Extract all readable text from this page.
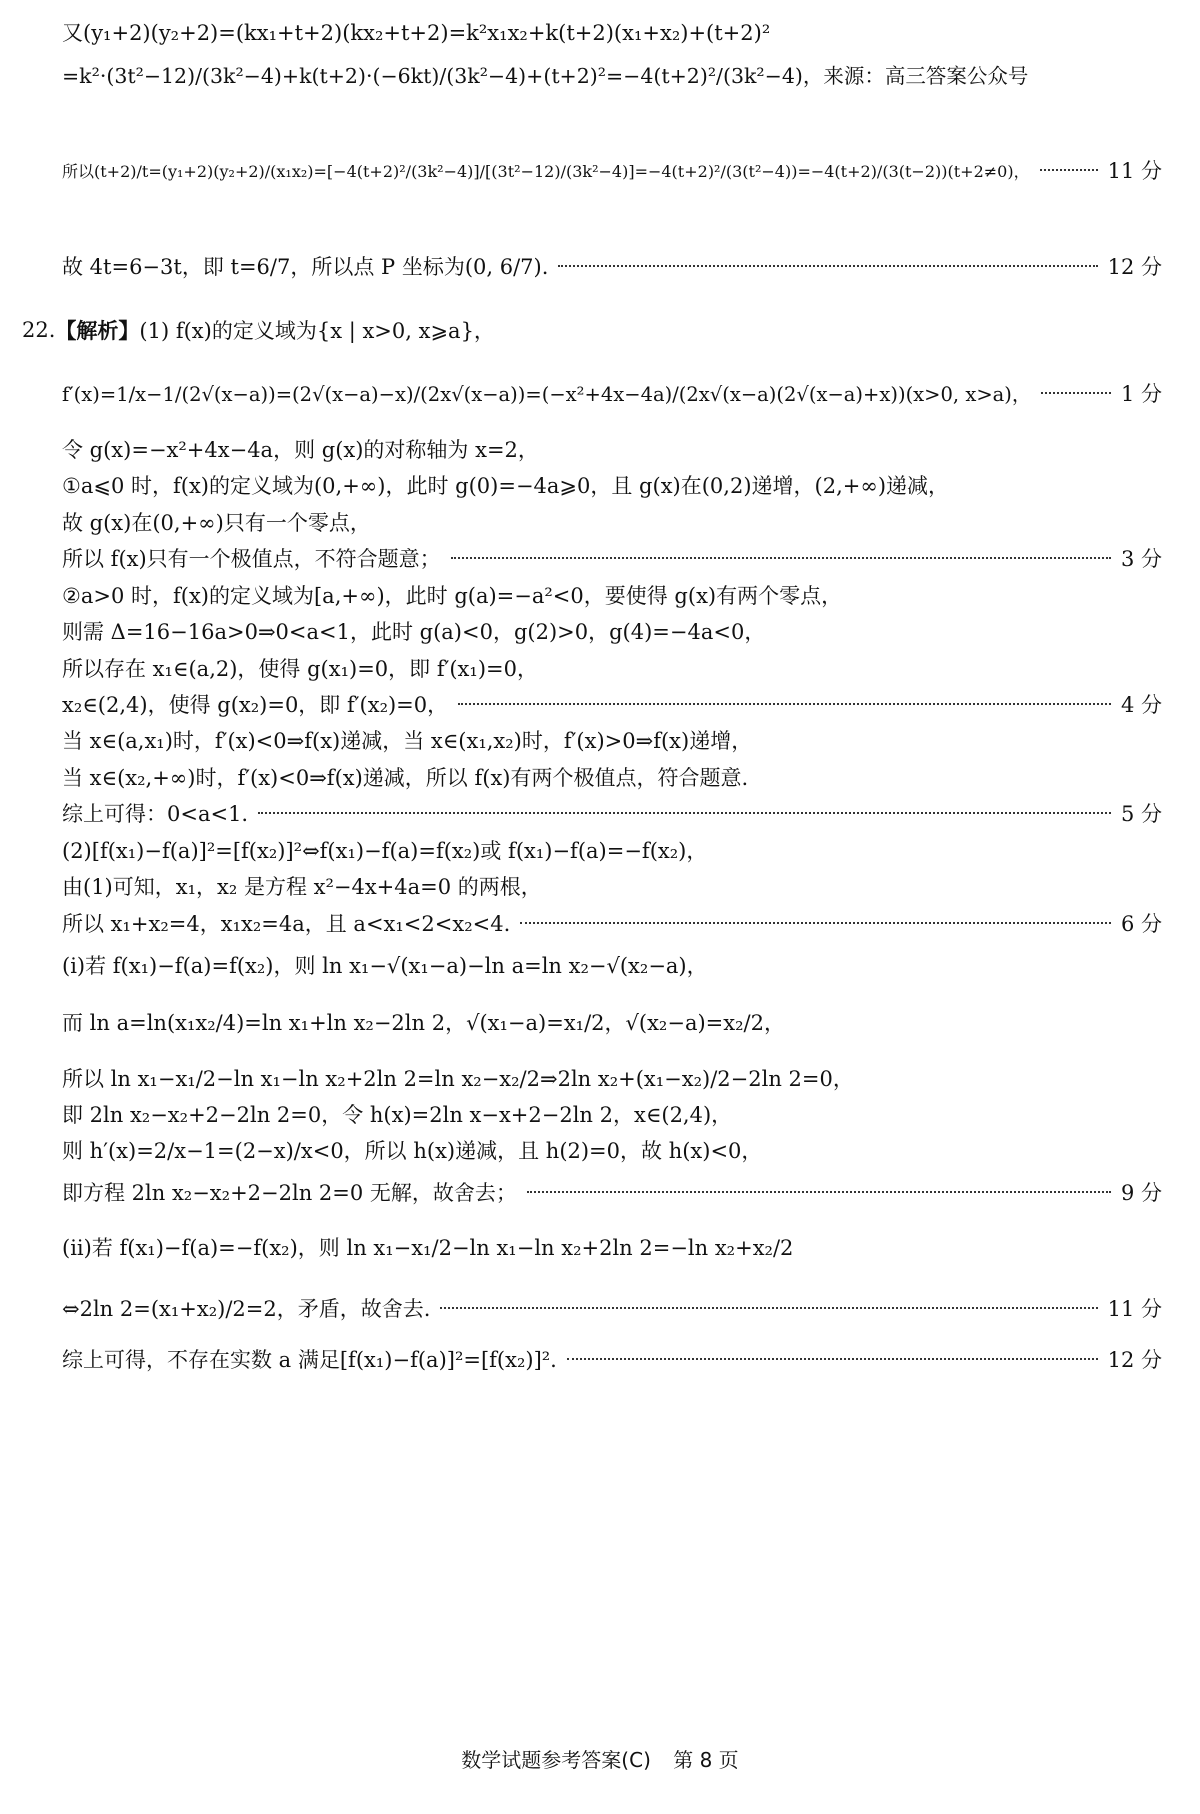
又(y₁+2)(y₂+2)=(kx₁+t+2)(kx₂+t+2)=k²x₁x₂+k(t+2)(x₁+x₂)+(t+2)²
=k²·(3t²−12)/(3k²−4)+k(t+2)·(−6kt)/(3k²−4)+(t+2)²=−4(t+2)²/(3k²−4)，来源：高三答案公众号
所以(t+2)/t=(y₁+2)(y₂+2)/(x₁x₂)=[−4(t+2)²/(3k²−4)]/[(3t²−12)/(3k²−4)]=−4(t+2)²/(3(t²−4))=−4(t+2)/(3(t−2))(t+2≠0)，	11 分
故 4t=6−3t，即 t=6/7，所以点 P 坐标为(0, 6/7).	12 分
22. 【解析】 (1) f(x)的定义域为{x | x>0, x⩾a}，
f′(x)=1/x−1/(2√(x−a))=(2√(x−a)−x)/(2x√(x−a))=(−x²+4x−4a)/(2x√(x−a)(2√(x−a)+x))(x>0, x>a)，	1 分
令 g(x)=−x²+4x−4a，则 g(x)的对称轴为 x=2，
①a⩽0 时，f(x)的定义域为(0,+∞)，此时 g(0)=−4a⩾0，且 g(x)在(0,2)递增，(2,+∞)递减，
故 g(x)在(0,+∞)只有一个零点，
所以 f(x)只有一个极值点，不符合题意；	3 分
②a>0 时，f(x)的定义域为[a,+∞)，此时 g(a)=−a²<0，要使得 g(x)有两个零点，
则需 Δ=16−16a>0⇒0<a<1，此时 g(a)<0，g(2)>0，g(4)=−4a<0，
所以存在 x₁∈(a,2)，使得 g(x₁)=0，即 f′(x₁)=0，
x₂∈(2,4)，使得 g(x₂)=0，即 f′(x₂)=0，	4 分
当 x∈(a,x₁)时，f′(x)<0⇒f(x)递减，当 x∈(x₁,x₂)时，f′(x)>0⇒f(x)递增，
当 x∈(x₂,+∞)时，f′(x)<0⇒f(x)递减，所以 f(x)有两个极值点，符合题意.
综上可得：0<a<1.	5 分
(2)[f(x₁)−f(a)]²=[f(x₂)]²⇔f(x₁)−f(a)=f(x₂)或 f(x₁)−f(a)=−f(x₂)，
由(1)可知，x₁，x₂ 是方程 x²−4x+4a=0 的两根，
所以 x₁+x₂=4，x₁x₂=4a，且 a<x₁<2<x₂<4.	6 分
(i)若 f(x₁)−f(a)=f(x₂)，则 ln x₁−√(x₁−a)−ln a=ln x₂−√(x₂−a)，
而 ln a=ln(x₁x₂/4)=ln x₁+ln x₂−2ln 2，√(x₁−a)=x₁/2，√(x₂−a)=x₂/2，
所以 ln x₁−x₁/2−ln x₁−ln x₂+2ln 2=ln x₂−x₂/2⇒2ln x₂+(x₁−x₂)/2−2ln 2=0，
即 2ln x₂−x₂+2−2ln 2=0，令 h(x)=2ln x−x+2−2ln 2，x∈(2,4)，
则 h′(x)=2/x−1=(2−x)/x<0，所以 h(x)递减，且 h(2)=0，故 h(x)<0，
即方程 2ln x₂−x₂+2−2ln 2=0 无解，故舍去；	9 分
(ii)若 f(x₁)−f(a)=−f(x₂)，则 ln x₁−x₁/2−ln x₁−ln x₂+2ln 2=−ln x₂+x₂/2
⇔2ln 2=(x₁+x₂)/2=2，矛盾，故舍去.	11 分
综上可得，不存在实数 a 满足[f(x₁)−f(a)]²=[f(x₂)]².	12 分
数学试题参考答案(C) 第 8 页
